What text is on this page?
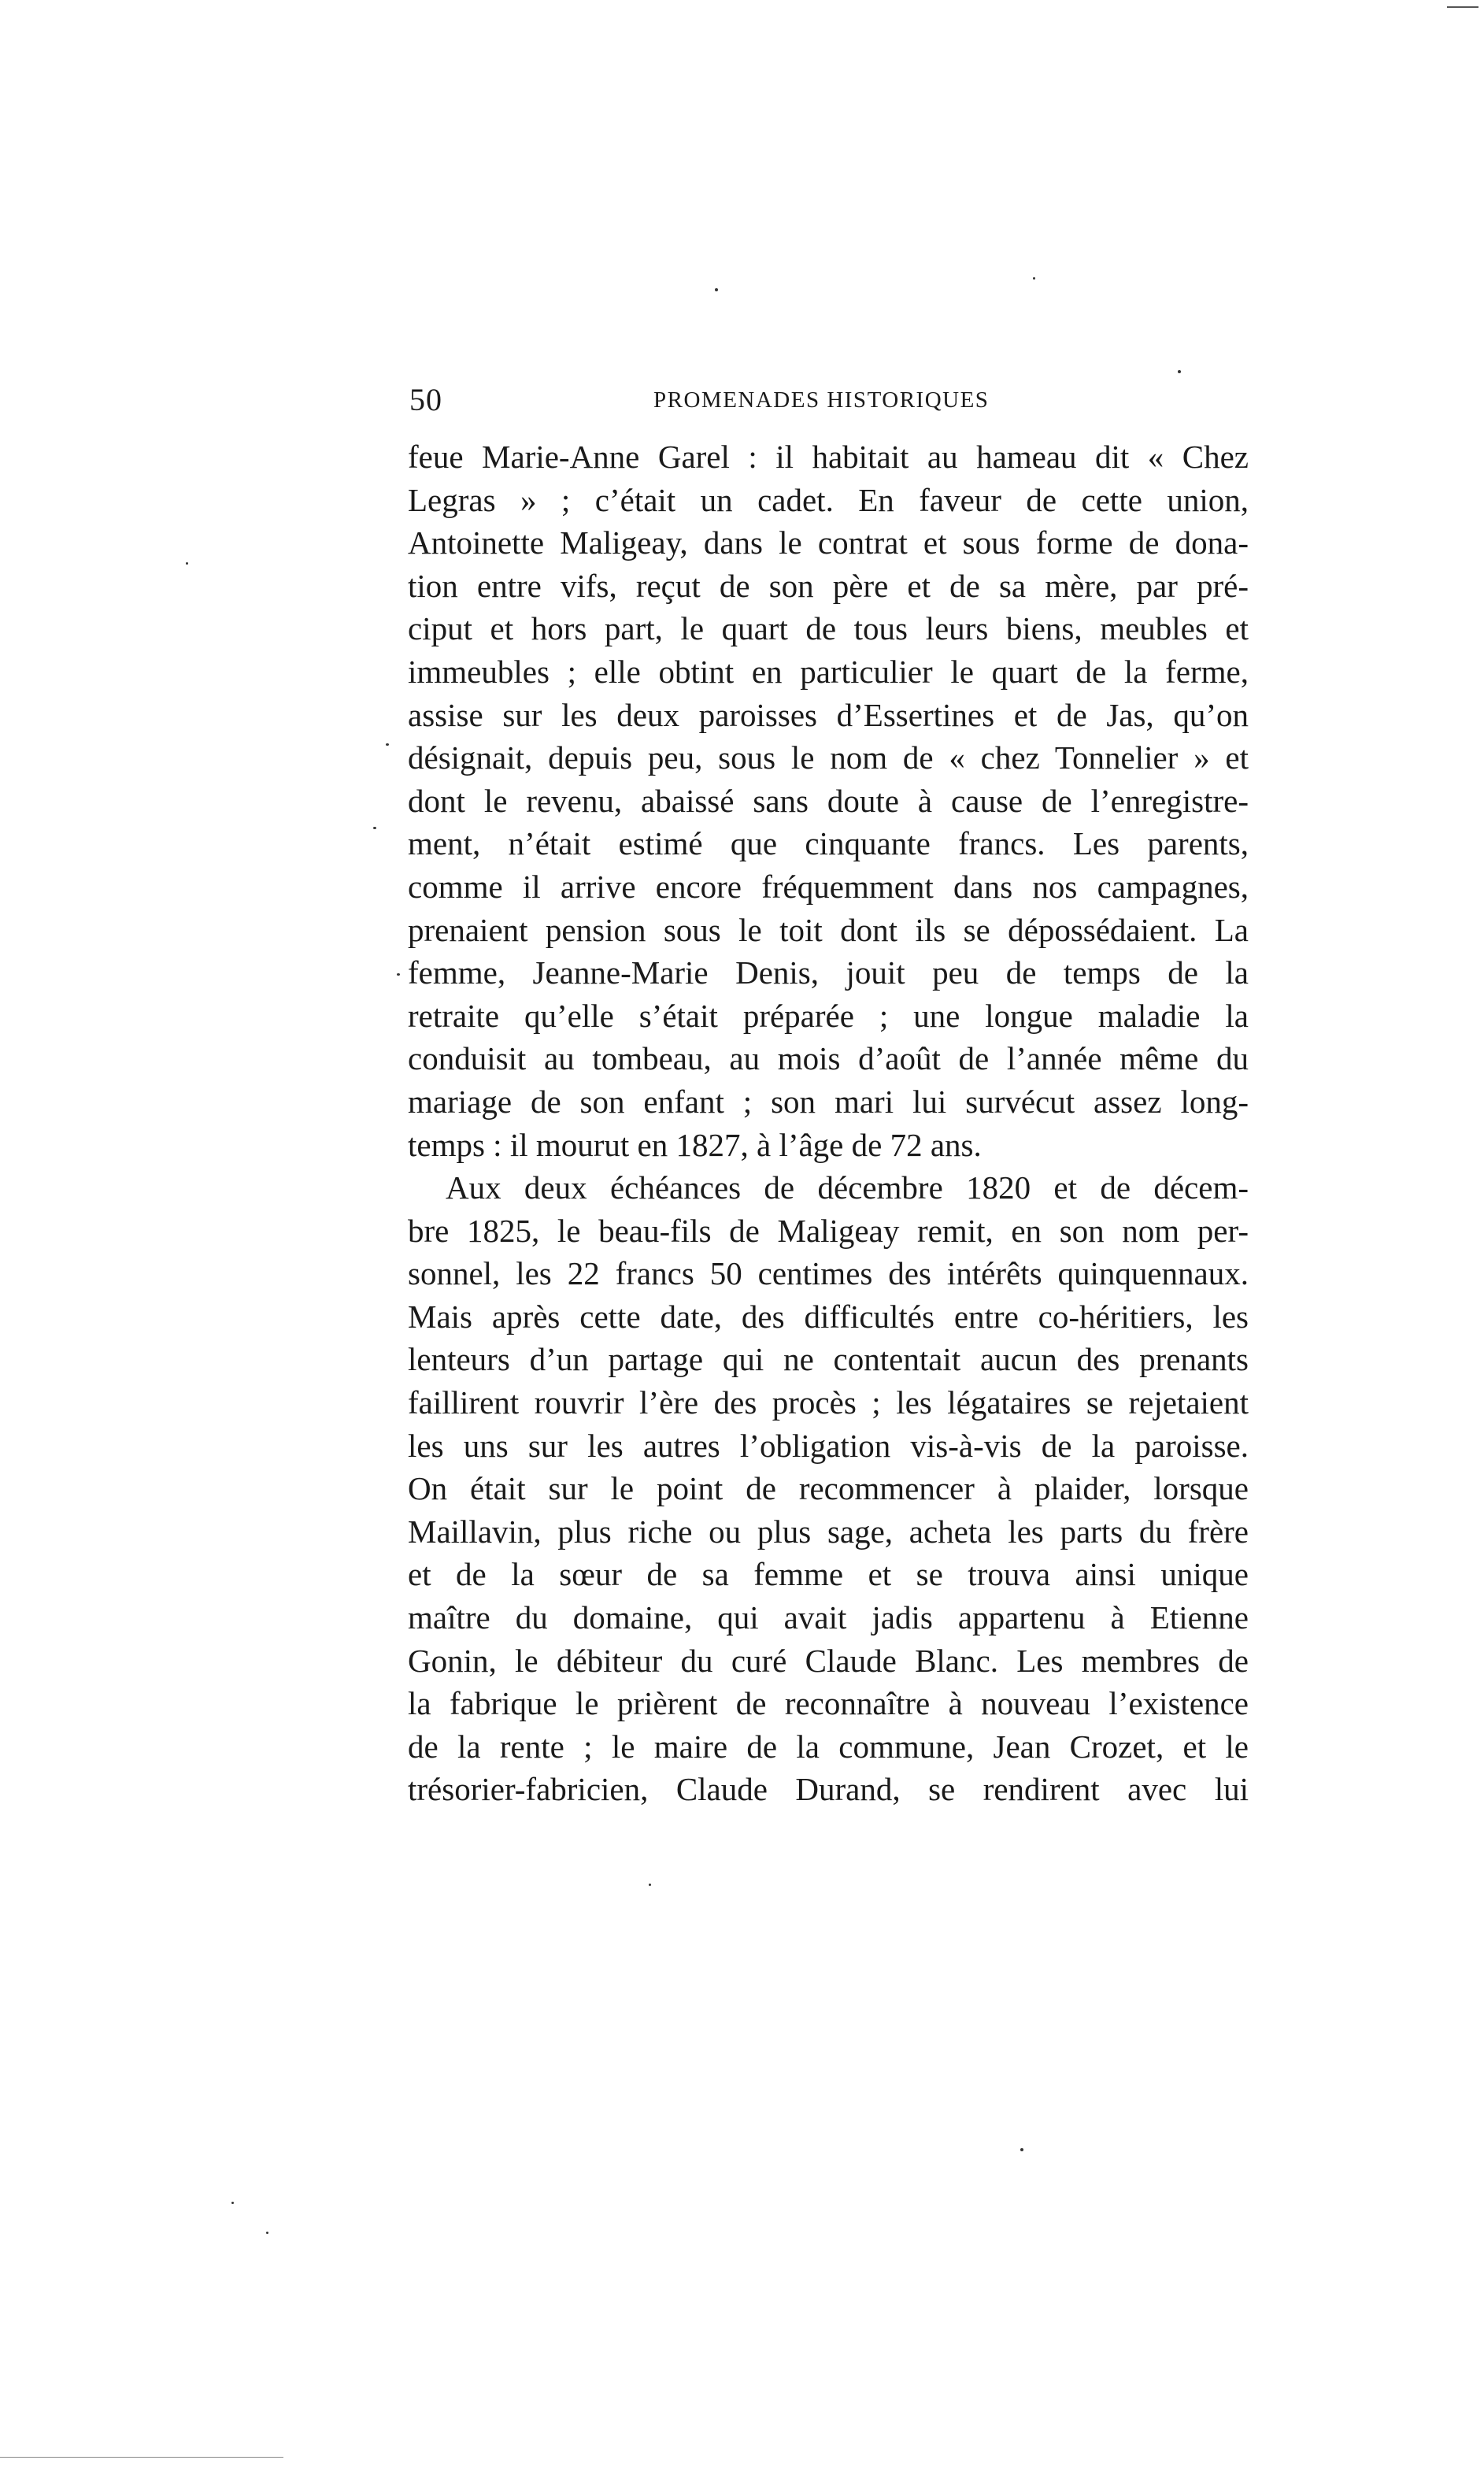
50	PROMENADES HISTORIQUES
feue Marie-Anne Garel : il habitait au hameau dit « Chez
Legras » ; c’était un cadet. En faveur de cette union,
Antoinette Maligeay, dans le contrat et sous forme de dona-
tion entre vifs, reçut de son père et de sa mère, par pré-
ciput et hors part, le quart de tous leurs biens, meubles et
immeubles ; elle obtint en particulier le quart de la ferme,
assise sur les deux paroisses d’Essertines et de Jas, qu’on
désignait, depuis peu, sous le nom de « chez Tonnelier » et
dont le revenu, abaissé sans doute à cause de l’enregistre-
ment, n’était estimé que cinquante francs. Les parents,
comme il arrive encore fréquemment dans nos campagnes,
prenaient pension sous le toit dont ils se dépossédaient. La
femme, Jeanne-Marie Denis, jouit peu de temps de la
retraite qu’elle s’était préparée ; une longue maladie la
conduisit au tombeau, au mois d’août de l’année même du
mariage de son enfant ; son mari lui survécut assez long-
temps : il mourut en 1827, à l’âge de 72 ans.
Aux deux échéances de décembre 1820 et de décem-
bre 1825, le beau-fils de Maligeay remit, en son nom per-
sonnel, les 22 francs 50 centimes des intérêts quinquennaux.
Mais après cette date, des difficultés entre co-héritiers, les
lenteurs d’un partage qui ne contentait aucun des prenants
faillirent rouvrir l’ère des procès ; les légataires se rejetaient
les uns sur les autres l’obligation vis-à-vis de la paroisse.
On était sur le point de recommencer à plaider, lorsque
Maillavin, plus riche ou plus sage, acheta les parts du frère
et de la sœur de sa femme et se trouva ainsi unique
maître du domaine, qui avait jadis appartenu à Etienne
Gonin, le débiteur du curé Claude Blanc. Les membres de
la fabrique le prièrent de reconnaître à nouveau l’existence
de la rente ; le maire de la commune, Jean Crozet, et le
trésorier-fabricien, Claude Durand, se rendirent avec lui
